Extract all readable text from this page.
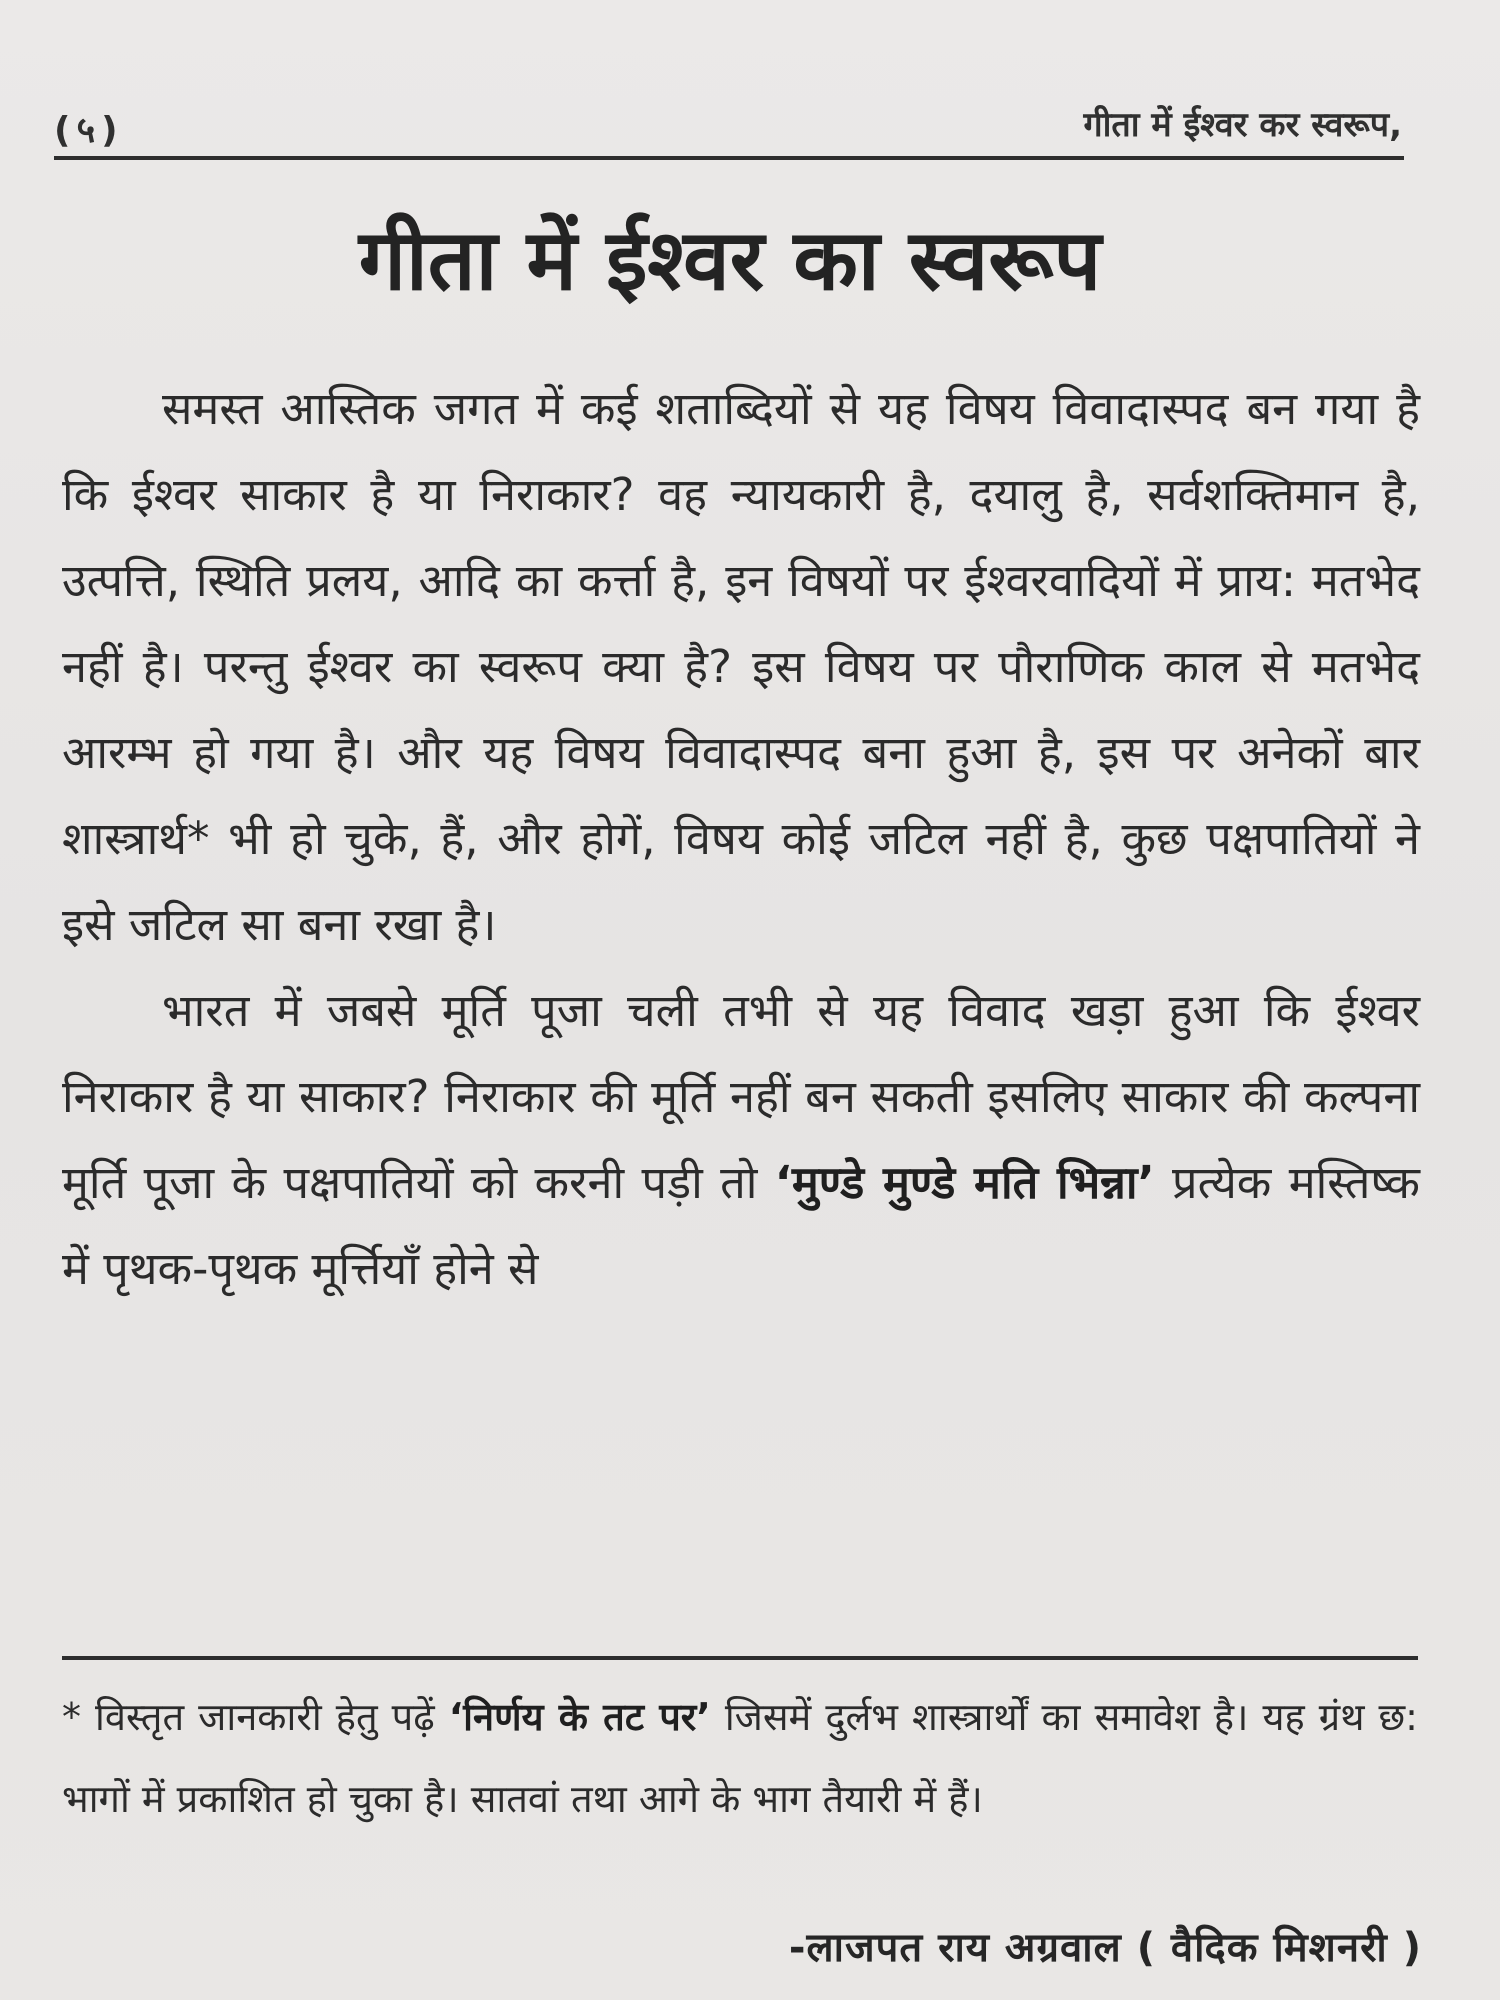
(५)	गीता में ईश्वर कर स्वरूप,
गीता में ईश्वर का स्वरूप

समस्त आस्तिक जगत में कई शताब्दियों से यह विषय विवादास्पद बन गया है कि ईश्वर साकार है या निराकार? वह न्यायकारी है, दयालु है, सर्वशक्तिमान है, उत्पत्ति, स्थिति प्रलय, आदि का कर्त्ता है, इन विषयों पर ईश्वरवादियों में प्राय: मतभेद नहीं है। परन्तु ईश्वर का स्वरूप क्या है? इस विषय पर पौराणिक काल से मतभेद आरम्भ हो गया है। और यह विषय विवादास्पद बना हुआ है, इस पर अनेकों बार शास्त्रार्थ* भी हो चुके, हैं, और होगें, विषय कोई जटिल नहीं है, कुछ पक्षपातियों ने इसे जटिल सा बना रखा है।

भारत में जबसे मूर्ति पूजा चली तभी से यह विवाद खड़ा हुआ कि ईश्वर निराकार है या साकार? निराकार की मूर्ति नहीं बन सकती इसलिए साकार की कल्पना मूर्ति पूजा के पक्षपातियों को करनी पड़ी तो ‘मुण्डे मुण्डे मति भिन्ना’ प्रत्येक मस्तिष्क में पृथक-पृथक मूर्त्तियाँ होने से

* विस्तृत जानकारी हेतु पढ़ें ‘निर्णय के तट पर’ जिसमें दुर्लभ शास्त्रार्थों का समावेश है। यह ग्रंथ छ: भागों में प्रकाशित हो चुका है। सातवां तथा आगे के भाग तैयारी में हैं।

-लाजपत राय अग्रवाल ( वैदिक मिशनरी )
